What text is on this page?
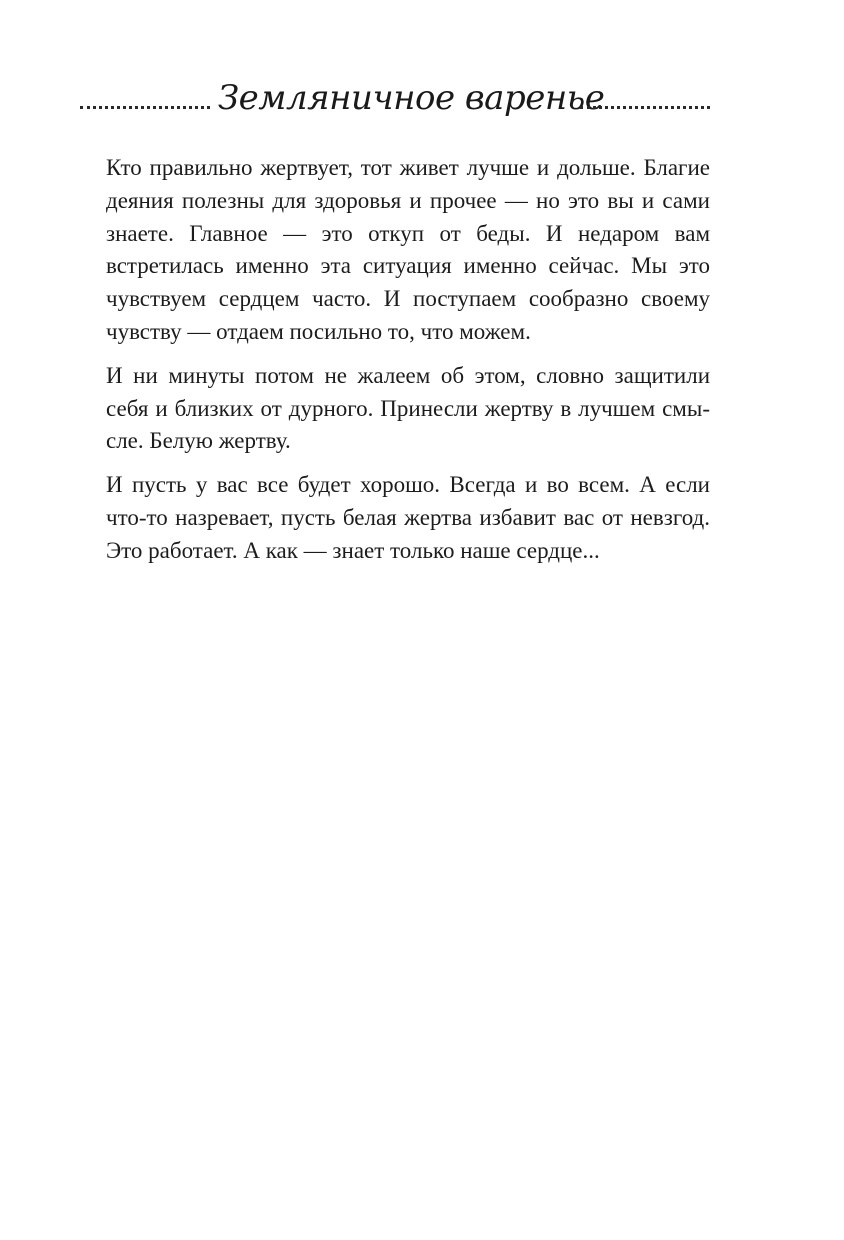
Земляничное варенье

Кто правильно жертвует, тот живет лучше и дольше. Благие деяния полезны для здоровья и прочее — но это вы и сами знаете. Главное — это откуп от беды. И недаром вам встретилась именно эта ситуация именно сейчас. Мы это чувствуем сердцем часто. И поступаем сообразно своему чувству — отдаем посильно то, что можем.

И ни минуты потом не жалеем об этом, словно защитили себя и близких от дурного. Принесли жертву в лучшем смысле. Белую жертву.

И пусть у вас все будет хорошо. Всегда и во всем. А если что-то назревает, пусть белая жертва избавит вас от невзгод. Это работает. А как — знает только наше сердце...
